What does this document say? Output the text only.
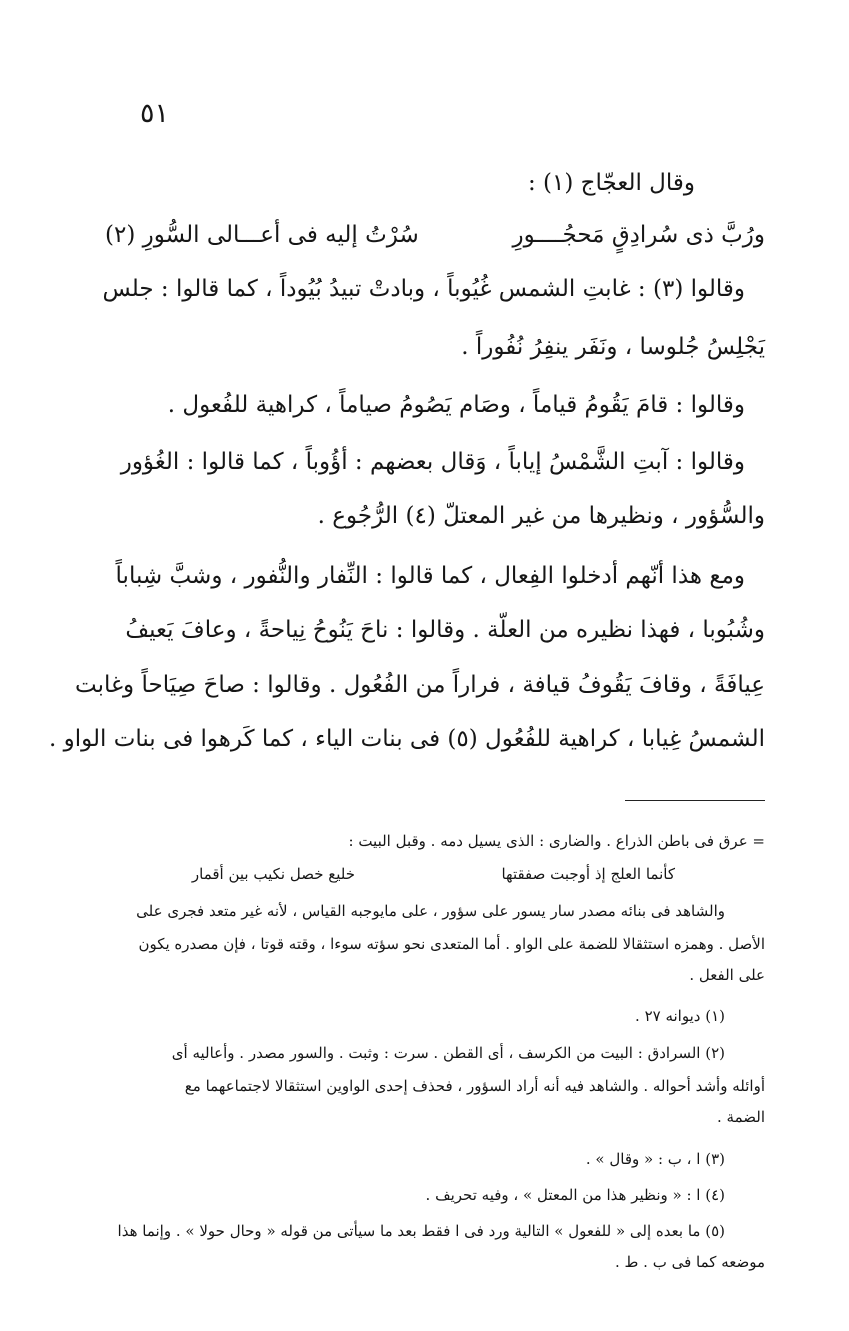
٥١
وقال العجّاج (١) :
وقالوا (٣) : غابتِ الشمس غُيُوباً ، وبادتْ تبيدُ بُيُوداً ، كما قالوا : جلس
يَجْلِسُ جُلوسا ، ونَفَر ينفِرُ نُفُوراً .
وقالوا : قامَ يَقُومُ قياماً ، وصَام يَصُومُ صياماً ، كراهية للفُعول .
وقالوا : آبتِ الشَّمْسُ إياباً ، وَقال بعضهم : أؤُوباً ، كما قالوا : الغُؤور
والسُّؤور ، ونظيرها من غير المعتلّ (٤) الرُّجُوع .
ومع هذا أنّهم أدخلوا الفِعال ، كما قالوا : النِّفار والنُّفور ، وشبَّ شِباباً
وشُبُوبا ، فهذا نظيره من العلّة . وقالوا : ناحَ يَنُوحُ نِياحةً ، وعافَ يَعيفُ
عِيافَةً ، وقافَ يَقُوفُ قيافة ، فراراً من الفُعُول . وقالوا : صاحَ صِيَاحاً وغابت
الشمسُ غِيابا ، كراهية للفُعُول (٥) فى بنات الياء ، كما كَرهوا فى بنات الواو .
ورُبَّ ذى سُرادِقٍ مَحجُــــورِ
سُرْتُ إليه فى أعـــالى السُّورِ (٢)
= عرق فى باطن الذراع . والضارى : الذى يسيل دمه . وقبل البيت :
كأنما العلج إذ أوجبت صفقتها
خليع خصل نكيب بين أقمار
والشاهد فى بنائه مصدر سار يسور على سؤور ، على مايوجبه القياس ، لأنه غير متعد فجرى على
الأصل . وهمزه استثقالا للضمة على الواو . أما المتعدى نحو سؤته سوءا ، وقته قوتا ، فإن مصدره يكون
على الفعل .
(١) ديوانه ٢٧ .
(٢) السرادق : البيت من الكرسف ، أى القطن . سرت : وثبت . والسور مصدر . وأعاليه أى
أوائله وأشد أحواله . والشاهد فيه أنه أراد السؤور ، فحذف إحدى الواوين استثقالا لاجتماعهما مع
الضمة .
(٣) ا ، ب : « وقال » .
(٤) ا : « ونظير هذا من المعتل » ، وفيه تحريف .
(٥) ما بعده إلى « للفعول » التالية ورد فى ا فقط بعد ما سيأتى من قوله « وحال حولا » . وإنما هذا
موضعه كما فى ب . ط .
